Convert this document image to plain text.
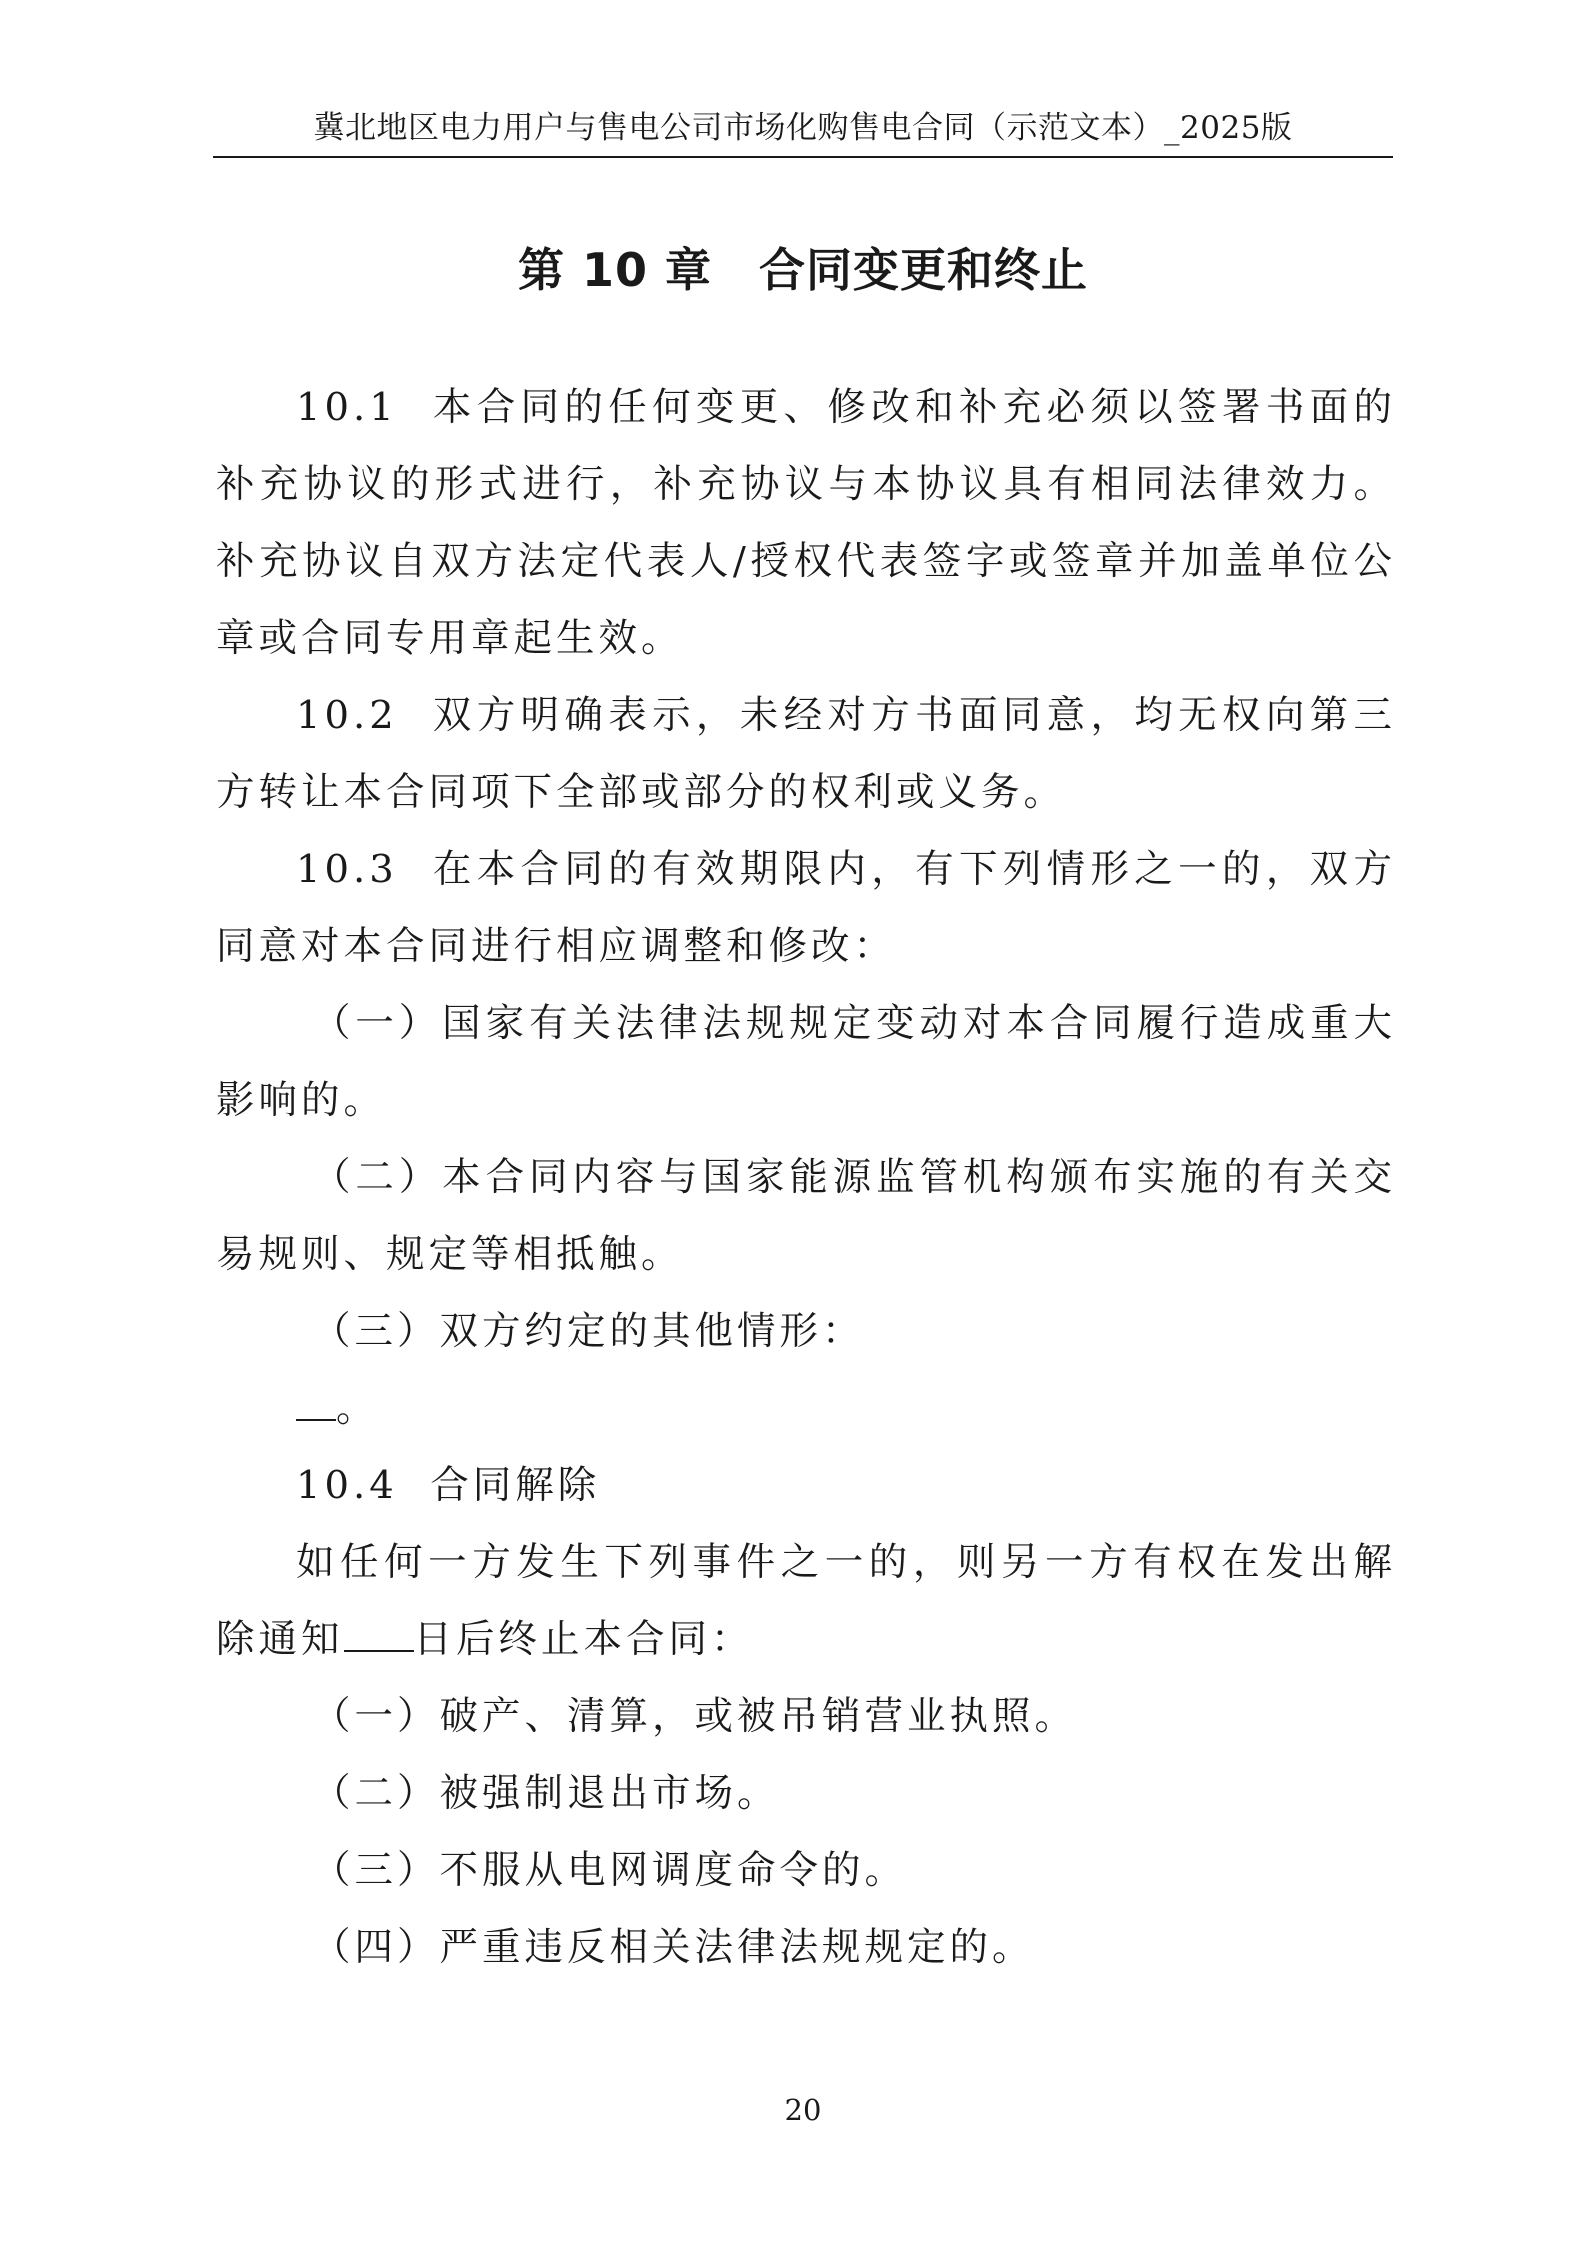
冀北地区电力用户与售电公司市场化购售电合同（示范文本）_2025版
第 10 章　合同变更和终止

10.1  本合同的任何变更、修改和补充必须以签署书面的补充协议的形式进行，补充协议与本协议具有相同法律效力。补充协议自双方法定代表人/授权代表签字或签章并加盖单位公章或合同专用章起生效。

10.2  双方明确表示，未经对方书面同意，均无权向第三方转让本合同项下全部或部分的权利或义务。

10.3  在本合同的有效期限内，有下列情形之一的，双方同意对本合同进行相应调整和修改：

（一）国家有关法律法规规定变动对本合同履行造成重大影响的。

（二）本合同内容与国家能源监管机构颁布实施的有关交易规则、规定等相抵触。

（三）双方约定的其他情形：

。

10.4  合同解除

如任何一方发生下列事件之一的，则另一方有权在发出解除通知 日后终止本合同：

（一）破产、清算，或被吊销营业执照。

（二）被强制退出市场。

（三）不服从电网调度命令的。

（四）严重违反相关法律法规规定的。

20
